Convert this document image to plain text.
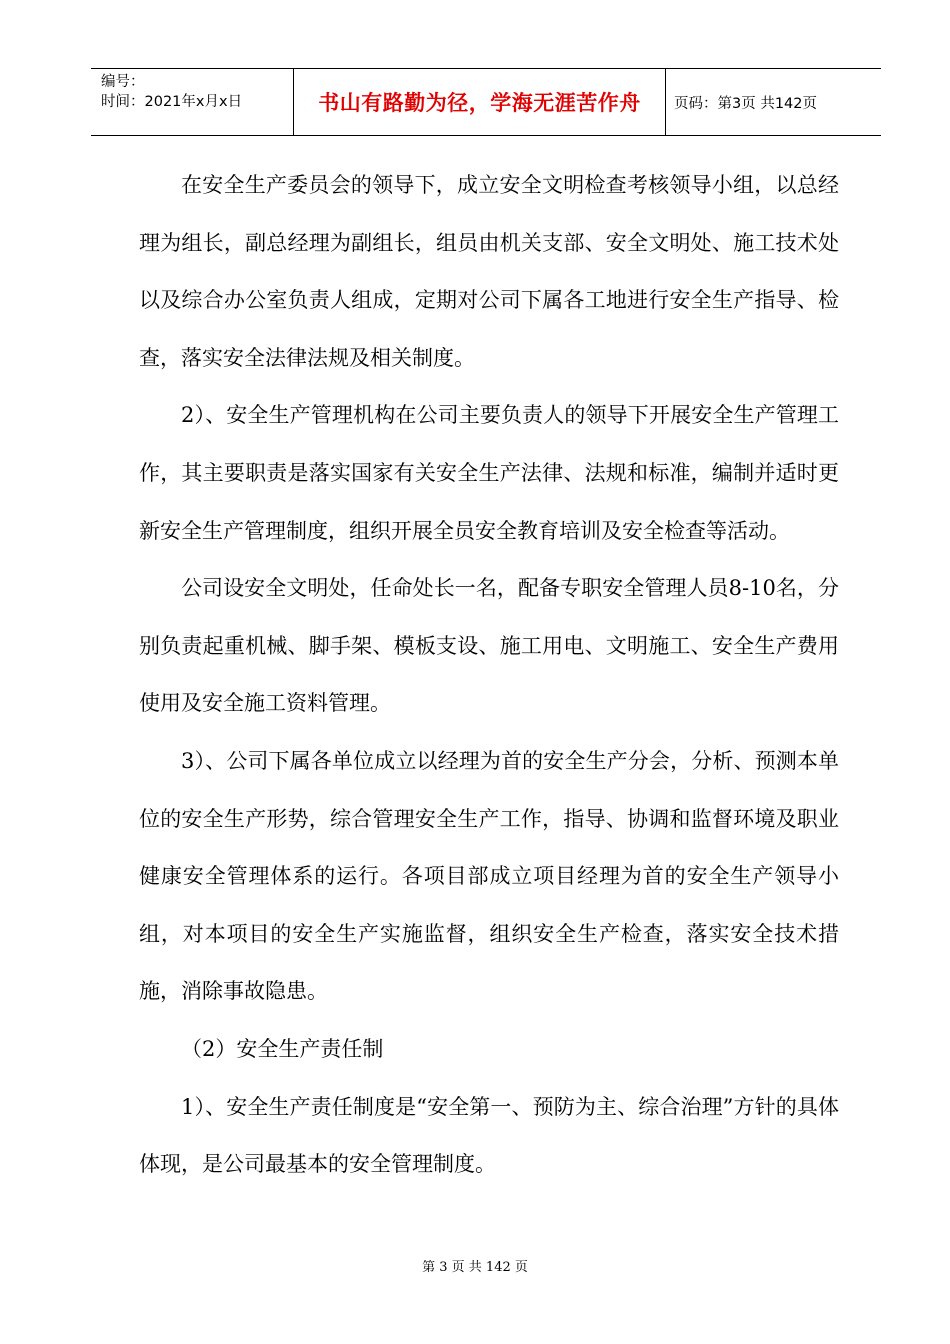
编号：
时间：2021年x月x日	书山有路勤为径，学海无涯苦作舟	页码：第3页 共142页

在安全生产委员会的领导下，成立安全文明检查考核领导小组，以总经理为组长，副总经理为副组长，组员由机关支部、安全文明处、施工技术处以及综合办公室负责人组成，定期对公司下属各工地进行安全生产指导、检查，落实安全法律法规及相关制度。

2）、安全生产管理机构在公司主要负责人的领导下开展安全生产管理工作，其主要职责是落实国家有关安全生产法律、法规和标准，编制并适时更新安全生产管理制度，组织开展全员安全教育培训及安全检查等活动。

公司设安全文明处，任命处长一名，配备专职安全管理人员8-10名，分别负责起重机械、脚手架、模板支设、施工用电、文明施工、安全生产费用使用及安全施工资料管理。

3）、公司下属各单位成立以经理为首的安全生产分会，分析、预测本单位的安全生产形势，综合管理安全生产工作，指导、协调和监督环境及职业健康安全管理体系的运行。各项目部成立项目经理为首的安全生产领导小组，对本项目的安全生产实施监督，组织安全生产检查，落实安全技术措施，消除事故隐患。

（2）安全生产责任制

1）、安全生产责任制度是“安全第一、预防为主、综合治理”方针的具体体现，是公司最基本的安全管理制度。

第 3 页 共 142 页
